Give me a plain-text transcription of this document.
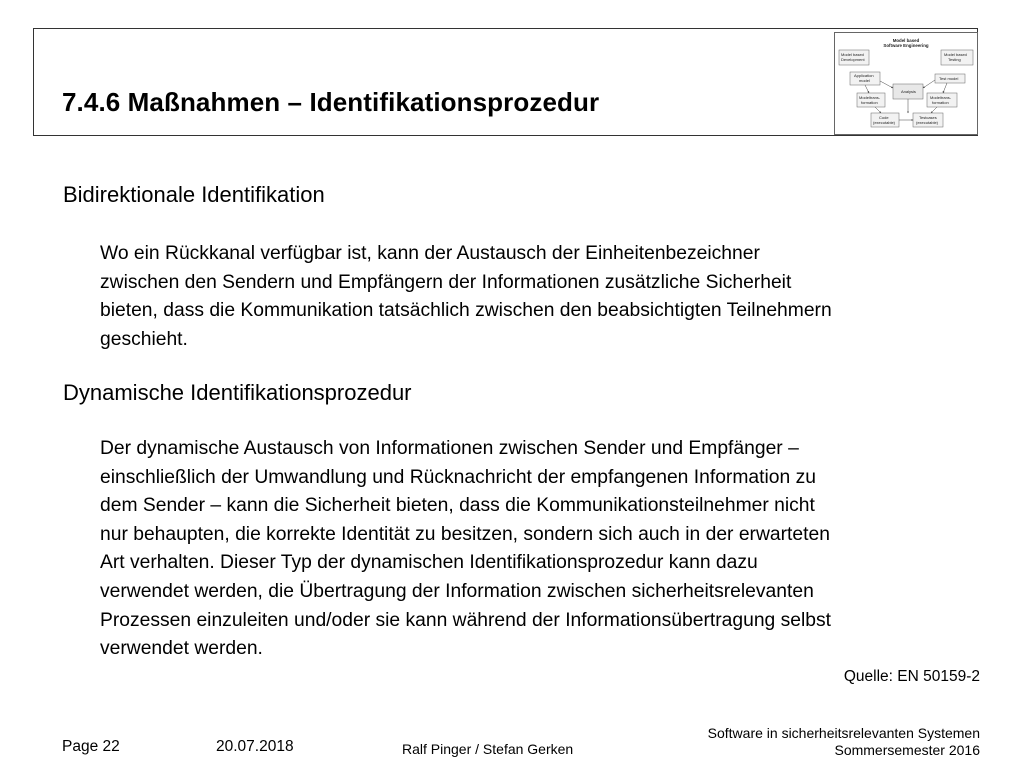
7.4.6 Maßnahmen – Identifikationsprozedur
Model based
Software Engineering
Model based
Development
Model based
Testing
Application
model	Test model
Analysis
Modeltrans-
formation
Modeltrans-
formation
Code
(executable)
Testcases
(executable)
Bidirektionale Identifikation
Wo ein Rückkanal verfügbar ist, kann der Austausch der Einheitenbezeichner
zwischen den Sendern und Empfängern der Informationen zusätzliche Sicherheit
bieten, dass die Kommunikation tatsächlich zwischen den beabsichtigten Teilnehmern
geschieht.
Dynamische Identifikationsprozedur
Der dynamische Austausch von Informationen zwischen Sender und Empfänger –
einschließlich der Umwandlung und Rücknachricht der empfangenen Information zu
dem Sender – kann die Sicherheit bieten, dass die Kommunikationsteilnehmer nicht
nur behaupten, die korrekte Identität zu besitzen, sondern sich auch in der erwarteten
Art verhalten. Dieser Typ der dynamischen Identifikationsprozedur kann dazu
verwendet werden, die Übertragung der Information zwischen sicherheitsrelevanten
Prozessen einzuleiten und/oder sie kann während der Informationsübertragung selbst
verwendet werden.
Quelle: EN 50159-2
Page 22	20.07.2018	Ralf Pinger / Stefan Gerken
Software in sicherheitsrelevanten Systemen
Sommersemester 2016
